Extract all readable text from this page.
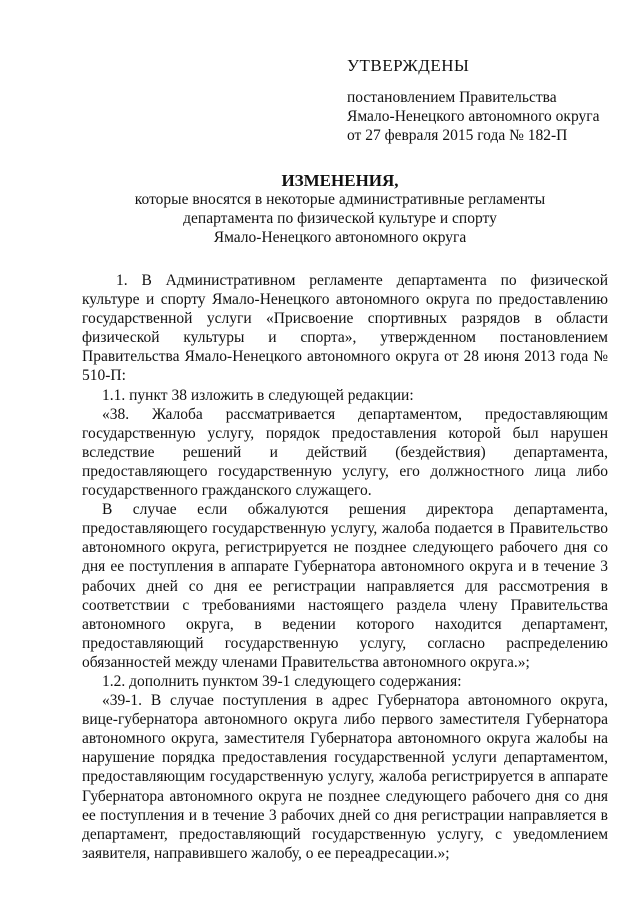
УТВЕРЖДЕНЫ
постановлением Правительства
Ямало-Ненецкого автономного округа
от 27 февраля 2015 года № 182-П
ИЗМЕНЕНИЯ,
которые вносятся в некоторые административные регламенты
департамента по физической культуре и спорту
Ямало-Ненецкого автономного округа

1. В Административном регламенте департамента по физической культуре и спорту Ямало-Ненецкого автономного округа по предоставлению государственной услуги «Присвоение спортивных разрядов в области физической культуры и спорта», утвержденном постановлением Правительства Ямало-Ненецкого автономного округа от 28 июня 2013 года № 510-П:

1.1. пункт 38 изложить в следующей редакции:

«38. Жалоба рассматривается департаментом, предоставляющим государственную услугу, порядок предоставления которой был нарушен вследствие решений и действий (бездействия) департамента, предоставляющего государственную услугу, его должностного лица либо государственного гражданского служащего.

В случае если обжалуются решения директора департамента, предоставляющего государственную услугу, жалоба подается в Правительство автономного округа, регистрируется не позднее следующего рабочего дня со дня ее поступления в аппарате Губернатора автономного округа и в течение 3 рабочих дней со дня ее регистрации направляется для рассмотрения в соответствии с требованиями настоящего раздела члену Правительства автономного округа, в ведении которого находится департамент, предоставляющий государственную услугу, согласно распределению обязанностей между членами Правительства автономного округа.»;

1.2. дополнить пунктом 39-1 следующего содержания:

«39-1. В случае поступления в адрес Губернатора автономного округа, вице-губернатора автономного округа либо первого заместителя Губернатора автономного округа, заместителя Губернатора автономного округа жалобы на нарушение порядка предоставления государственной услуги департаментом, предоставляющим государственную услугу, жалоба регистрируется в аппарате Губернатора автономного округа не позднее следующего рабочего дня со дня ее поступления и в течение 3 рабочих дней со дня регистрации направляется в департамент, предоставляющий государственную услугу, с уведомлением заявителя, направившего жалобу, о ее переадресации.»;
